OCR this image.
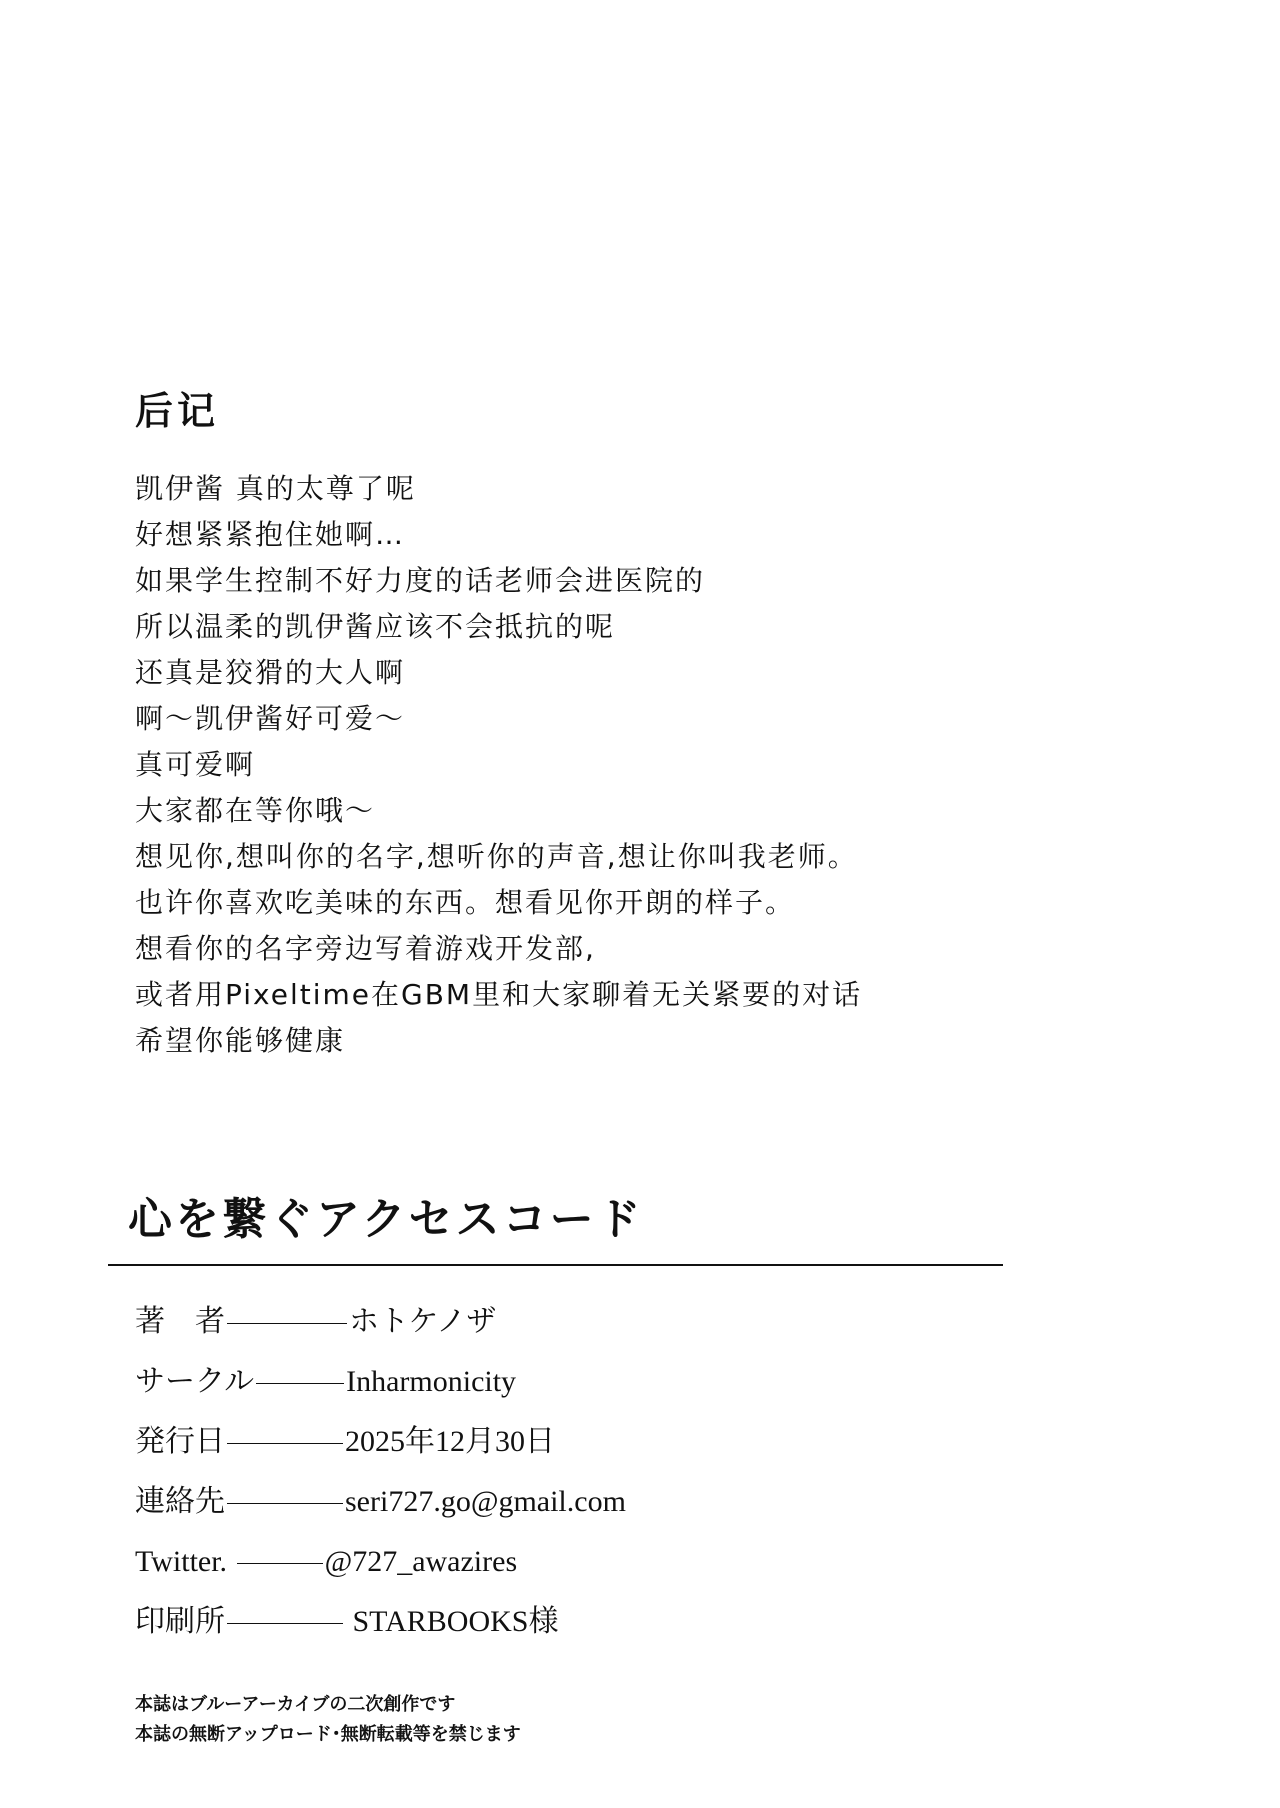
后记
凯伊酱 真的太尊了呢
好想紧紧抱住她啊…
如果学生控制不好力度的话老师会进医院的
所以温柔的凯伊酱应该不会抵抗的呢
还真是狡猾的大人啊
啊～凯伊酱好可爱～
真可爱啊
大家都在等你哦～
想见你,想叫你的名字,想听你的声音,想让你叫我老师。
也许你喜欢吃美味的东西。想看见你开朗的样子。
想看你的名字旁边写着游戏开发部,
或者用Pixeltime在GBM里和大家聊着无关紧要的对话
希望你能够健康
心を繋ぐアクセスコード
著　者	ホトケノザ
サークル	Inharmonicity
発行日	2025年12月30日
連絡先	seri727.go@gmail.com
Twitter.	@727_awazires
印刷所	STARBOOKS様

本誌はブルーアーカイブの二次創作です

本誌の無断アップロード･無断転載等を禁じます
